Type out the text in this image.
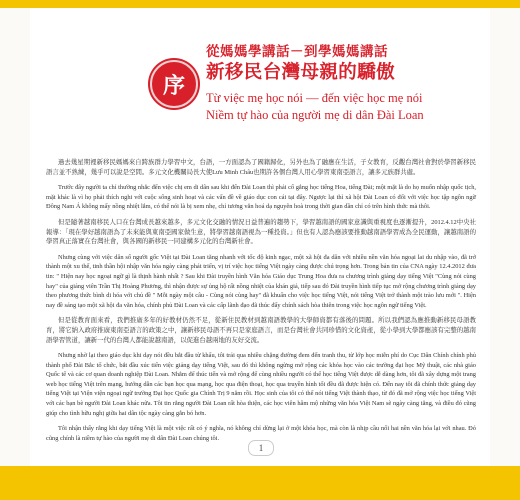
序
從媽媽學講話－到學媽媽講話
新移民台灣母親的驕傲
Từ việc mẹ học nói — đến việc học mẹ nói
Niềm tự hào của người mẹ di dân Đài Loan

過去幾星期裡新移民媽媽來自跨族群力學習中文，台語，一方面認為了國籍歸化，另外也為了融應在生活，子女教育，反觀台灣社會對於學習新移民語言並不熟練，幾乎可以說是空間。多元文化機關局長大使Lưu Minh Châu也期許各個台灣人用心學習東南亞語言，讓多元族群共處。

Trước đây người ta chỉ thường nhắc đến việc chị em di dân sau khi đến Đài Loan thì phải cố gắng học tiếng Hoa, tiếng Đài; một mặt là do họ muốn nhập quốc tịch, mặt khác là vì họ phải thích nghi với cuộc sống sinh hoạt và các vấn đề về giáo dục con cái tại đây. Ngược lại thì xã hội Đài Loan có đối với việc học tập ngôn ngữ Đông Nam Á không mấy nồng nhiệt lắm, có thể nói là bị xem nhẹ, chỉ tương văn hoá dạ nguyên hoà trong thời gian dần chỉ có trên hình thức mà thôi.

但是隨著越南移民人口在台灣成長越來越多，多元文化交融的情況日益普遍的趨勢下，學習越南語的國家意識與重視度也逐漸提升，2012.4.12中央社報導：「現在學好越南語為了未來能與東南亞國家做生意，將學習越南語視為一種投資。」但也有人認為應該要推動越南語學習成為全民運動，讓越南語的學習真正落實在台灣社會，與各國的新移民一同建構多元化的台灣新社會。

Nhưng cùng với việc dân số người gốc Việt tại Đài Loan tăng nhanh với tốc độ kinh ngạc, một xã hội đa dân với nhiều nền văn hóa ngoại lai du nhập vào, đã trở thành một xu thế, tinh thần hội nhập văn hóa ngày càng phát triển, vị trí việc học tiếng Việt ngày càng được chú trọng hơn. Trong bản tin của CNA ngày 12.4.2012 đưa tin: " Hiện nay học ngoại ngữ gì là thịnh hành nhất ? Sau khi Đài truyền hình Văn hóa Giáo dục Trung Hoa đưa ra chương trình giảng dạy tiếng Việt "Cùng nói cùng hay" của giảng viên Trần Thị Hoàng Phương, thì nhận được sự ủng hộ rất nồng nhiệt của khán giả, tiếp sau đó Đài truyền hình tiếp tục mở rộng chương trình giảng dạy theo phương thức bình di hóa với chủ đề " Mỗi ngày một câu - Cùng nói cùng hay" đã khuấn cho việc học tiếng Việt, nói tiếng Việt trở thành một trào lưu mới ". Hiện nay đề sáng tạo một xã hội đa văn hóa, chính phủ Đài Loan và các cấp lãnh đạo đã thúc đẩy chính sách hòa thiên trong việc học ngôn ngữ tiếng Việt.

但是從教育面來看，我們推廣多年的好教材仍然不足，從新住民教材到越南語教學的大學師資都有落後的問題。所以我們認為應推動新移民母語教育，將它納入政府推廣東南亞語言的政策之中，讓新移民母語不再只是家庭語言，而是台灣社會共同珍惜的文化資產，從小學到大學都應該有完整的越南語學習管道，讓新一代的台灣人都能說越南語，以促進台越兩地的友好交流。

Nhưng nhờ lại theo giáo dục khi dạy nói đều bắt đầu từ khẩu, tôi trải qua nhiều chặng đường đem đến tranh thu, từ lớp học miễn phí do Cục Dân Chính chính phủ thành phố Đài Bắc tổ chức, bắt đầu xúc tiến việc giảng dạy tiếng Việt, sau đó thì không ngừng mở rộng các khóa học vào các trường đại học Mỹ thuật, các nhà giáo Quốc tế và các cơ quan doanh nghiệp Đài Loan. Nhằm để thúc tiến và mở rộng để cùng nhiều người có thể học tiếng Việt được dễ dàng hơn, tôi đã xây dựng một trang web học tiếng Việt trên mạng, hướng dẫn các bạn học qua mạng, học qua điện thoại, học qua truyền hình tối đều đã được hiện có. Đến nay tôi đã chính thức giảng dạy tiếng Việt tại Viện viện ngoại ngữ trường Đại học Quốc gia Chính Trị 9 năm rồi. Học sinh của tôi có thể nói tiếng Việt thành thạo, từ đó đã mở rộng việc học tiếng Việt với các bạn bè người Đài Loan khác nữa. Tôi tin rằng người Đài Loan rất hòa thiện, các học viên hâm mộ những văn hóa Việt Nam sẽ ngày càng tăng, và điều đó cũng giúp cho tình hữu nghị giữa hai dân tộc ngày càng gắn bó hơn.

Tôi nhận thấy rằng khi dạy tiếng Việt là một việc rất có ý nghĩa, nó không chỉ dừng lại ở một khóa học, mà còn là nhịp cầu nối hai nền văn hóa lại với nhau. Đó cũng chính là niềm tự hào của người mẹ di dân Đài Loan chúng tôi.

1
